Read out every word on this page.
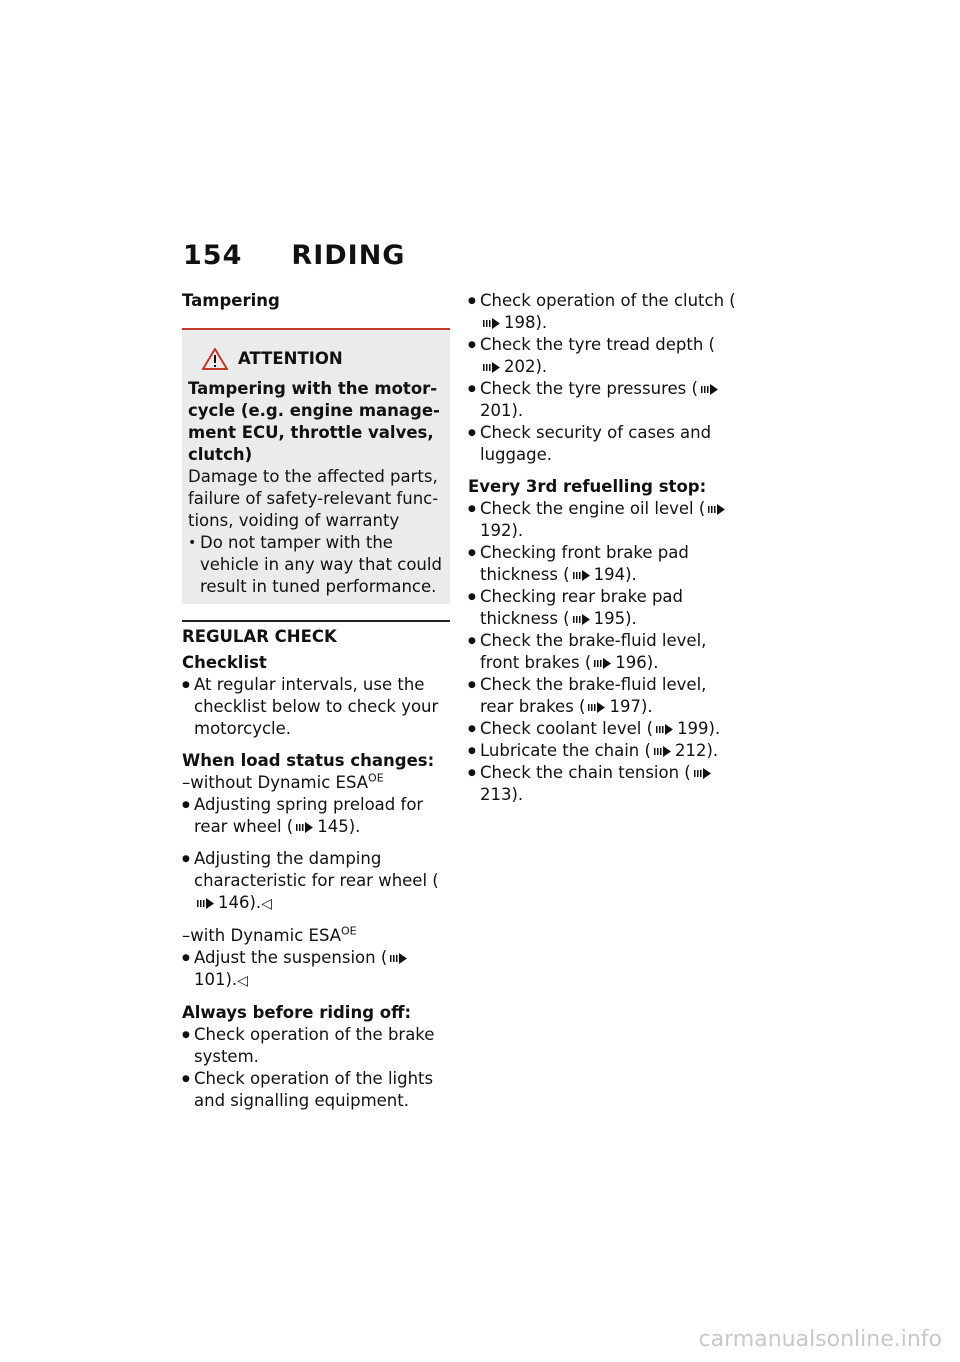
154 RIDING
Tampering
ATTENTION
Tampering with the motor-cycle (e.g. engine manage-ment ECU, throttle valves, clutch)
Damage to the affected parts, failure of safety-relevant func-tions, voiding of warranty
• Do not tamper with the vehicle in any way that could result in tuned performance.
REGULAR CHECK
Checklist
● At regular intervals, use the checklist below to check your motorcycle.
When load status changes:
–without Dynamic $ESA^{OE}$
● Adjusting spring preload for rear wheel ( 145).
● Adjusting the damping characteristic for rear wheel (146).◁
–with Dynamic $ESA^{OE}$
● Adjust the suspension (101).◁
Always before riding off:
● Check operation of the brake system.
● Check operation of the lights and signalling equipment.
● Check operation of the clutch (198).
● Check the tyre tread depth (202).
● Check the tyre pressures (201).
● Check security of cases and luggage.
Every 3rd refuelling stop:
● Check the engine oil level (192).
● Checking front brake pad thickness ( 194).
● Checking rear brake pad thickness ( 195).
● Check the brake-fluid level, front brakes ( 196).
● Check the brake-fluid level, rear brakes ( 197).
● Check coolant level ( 199).
● Lubricate the chain ( 212).
● Check the chain tension (213).
carmanualsonline.info
